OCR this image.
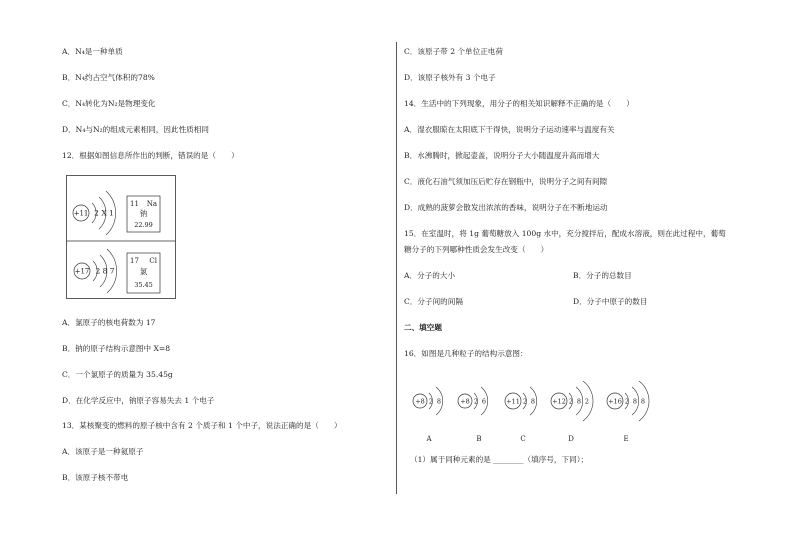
A．N₄是一种单质
B．N₄约占空气体积的78%
C．N₄转化为N₂是物理变化
D．N₄与N₂的组成元素相同，因此性质相同
12．根据如图信息所作出的判断，错误的是（　　）
+11 2 X 1
11 Na
钠
22.99
+17 2 8 7
17 Cl
氯
35.45
A．氯原子的核电荷数为 17
B．钠的原子结构示意图中 X=8
C．一个氯原子的质量为 35.45g
D．在化学反应中，钠原子容易失去 1 个电子
13．某核聚变的燃料的原子核中含有 2 个质子和 1 个中子，说法正确的是（　　）
A．该原子是一种氦原子
B．该原子核不带电
C．该原子带 2 个单位正电荷
D．该原子核外有 3 个电子
14．生活中的下列现象，用分子的相关知识解释不正确的是（　　）
A．湿衣服晾在太阳底下干得快，说明分子运动速率与温度有关
B．水沸腾时，掀起壶盖，说明分子大小随温度升高而增大
C．液化石油气须加压后贮存在钢瓶中，说明分子之间有间隙
D．成熟的菠萝会散发出浓浓的香味，说明分子在不断地运动
15．在室温时，将 1g 葡萄糖放入 100g 水中，充分搅拌后，配成水溶液，则在此过程中，葡萄
糖分子的下列哪种性质会发生改变（　　）
A．分子的大小	B．分子的总数目
C．分子间的间隔	D．分子中原子的数目
二、填空题
16．如图是几种粒子的结构示意图：
+8 2 8
A
+8 2 6
B
+11 2 8
C
+12 2 8 2
D
+16 2 8 8
E
（1）属于同种元素的是 ________（填序号，下同）；
